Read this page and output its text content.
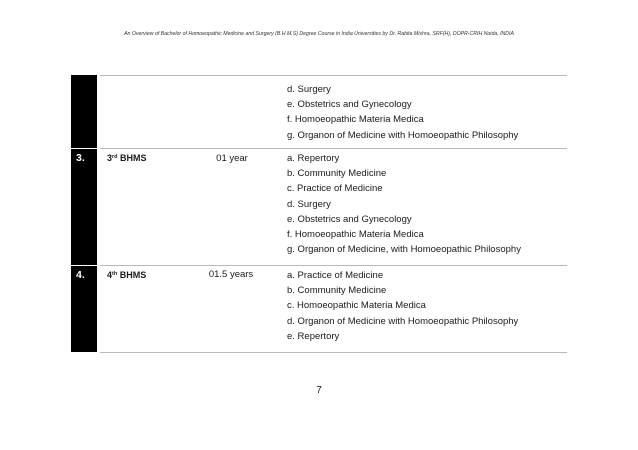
An Overview of Bachelor of Homoeopathic Medicine and Surgery (B.H.M.S) Degree Course in India Universities by Dr. Rabita Mishra, SRF(H), DOPR-CRIH Noida, INDIA
d. Surgery
e. Obstetrics and Gynecology
f. Homoeopathic Materia Medica
g. Organon of Medicine with Homoeopathic Philosophy
3. 3rd BHMS	01 year	a. Repertory
b. Community Medicine
c. Practice of Medicine
d. Surgery
e. Obstetrics and Gynecology
f. Homoeopathic Materia Medica
g. Organon of Medicine, with Homoeopathic Philosophy
4. 4th BHMS	01.5 years	a. Practice of Medicine
b. Community Medicine
c. Homoeopathic Materia Medica
d. Organon of Medicine with Homoeopathic Philosophy
e. Repertory
7
